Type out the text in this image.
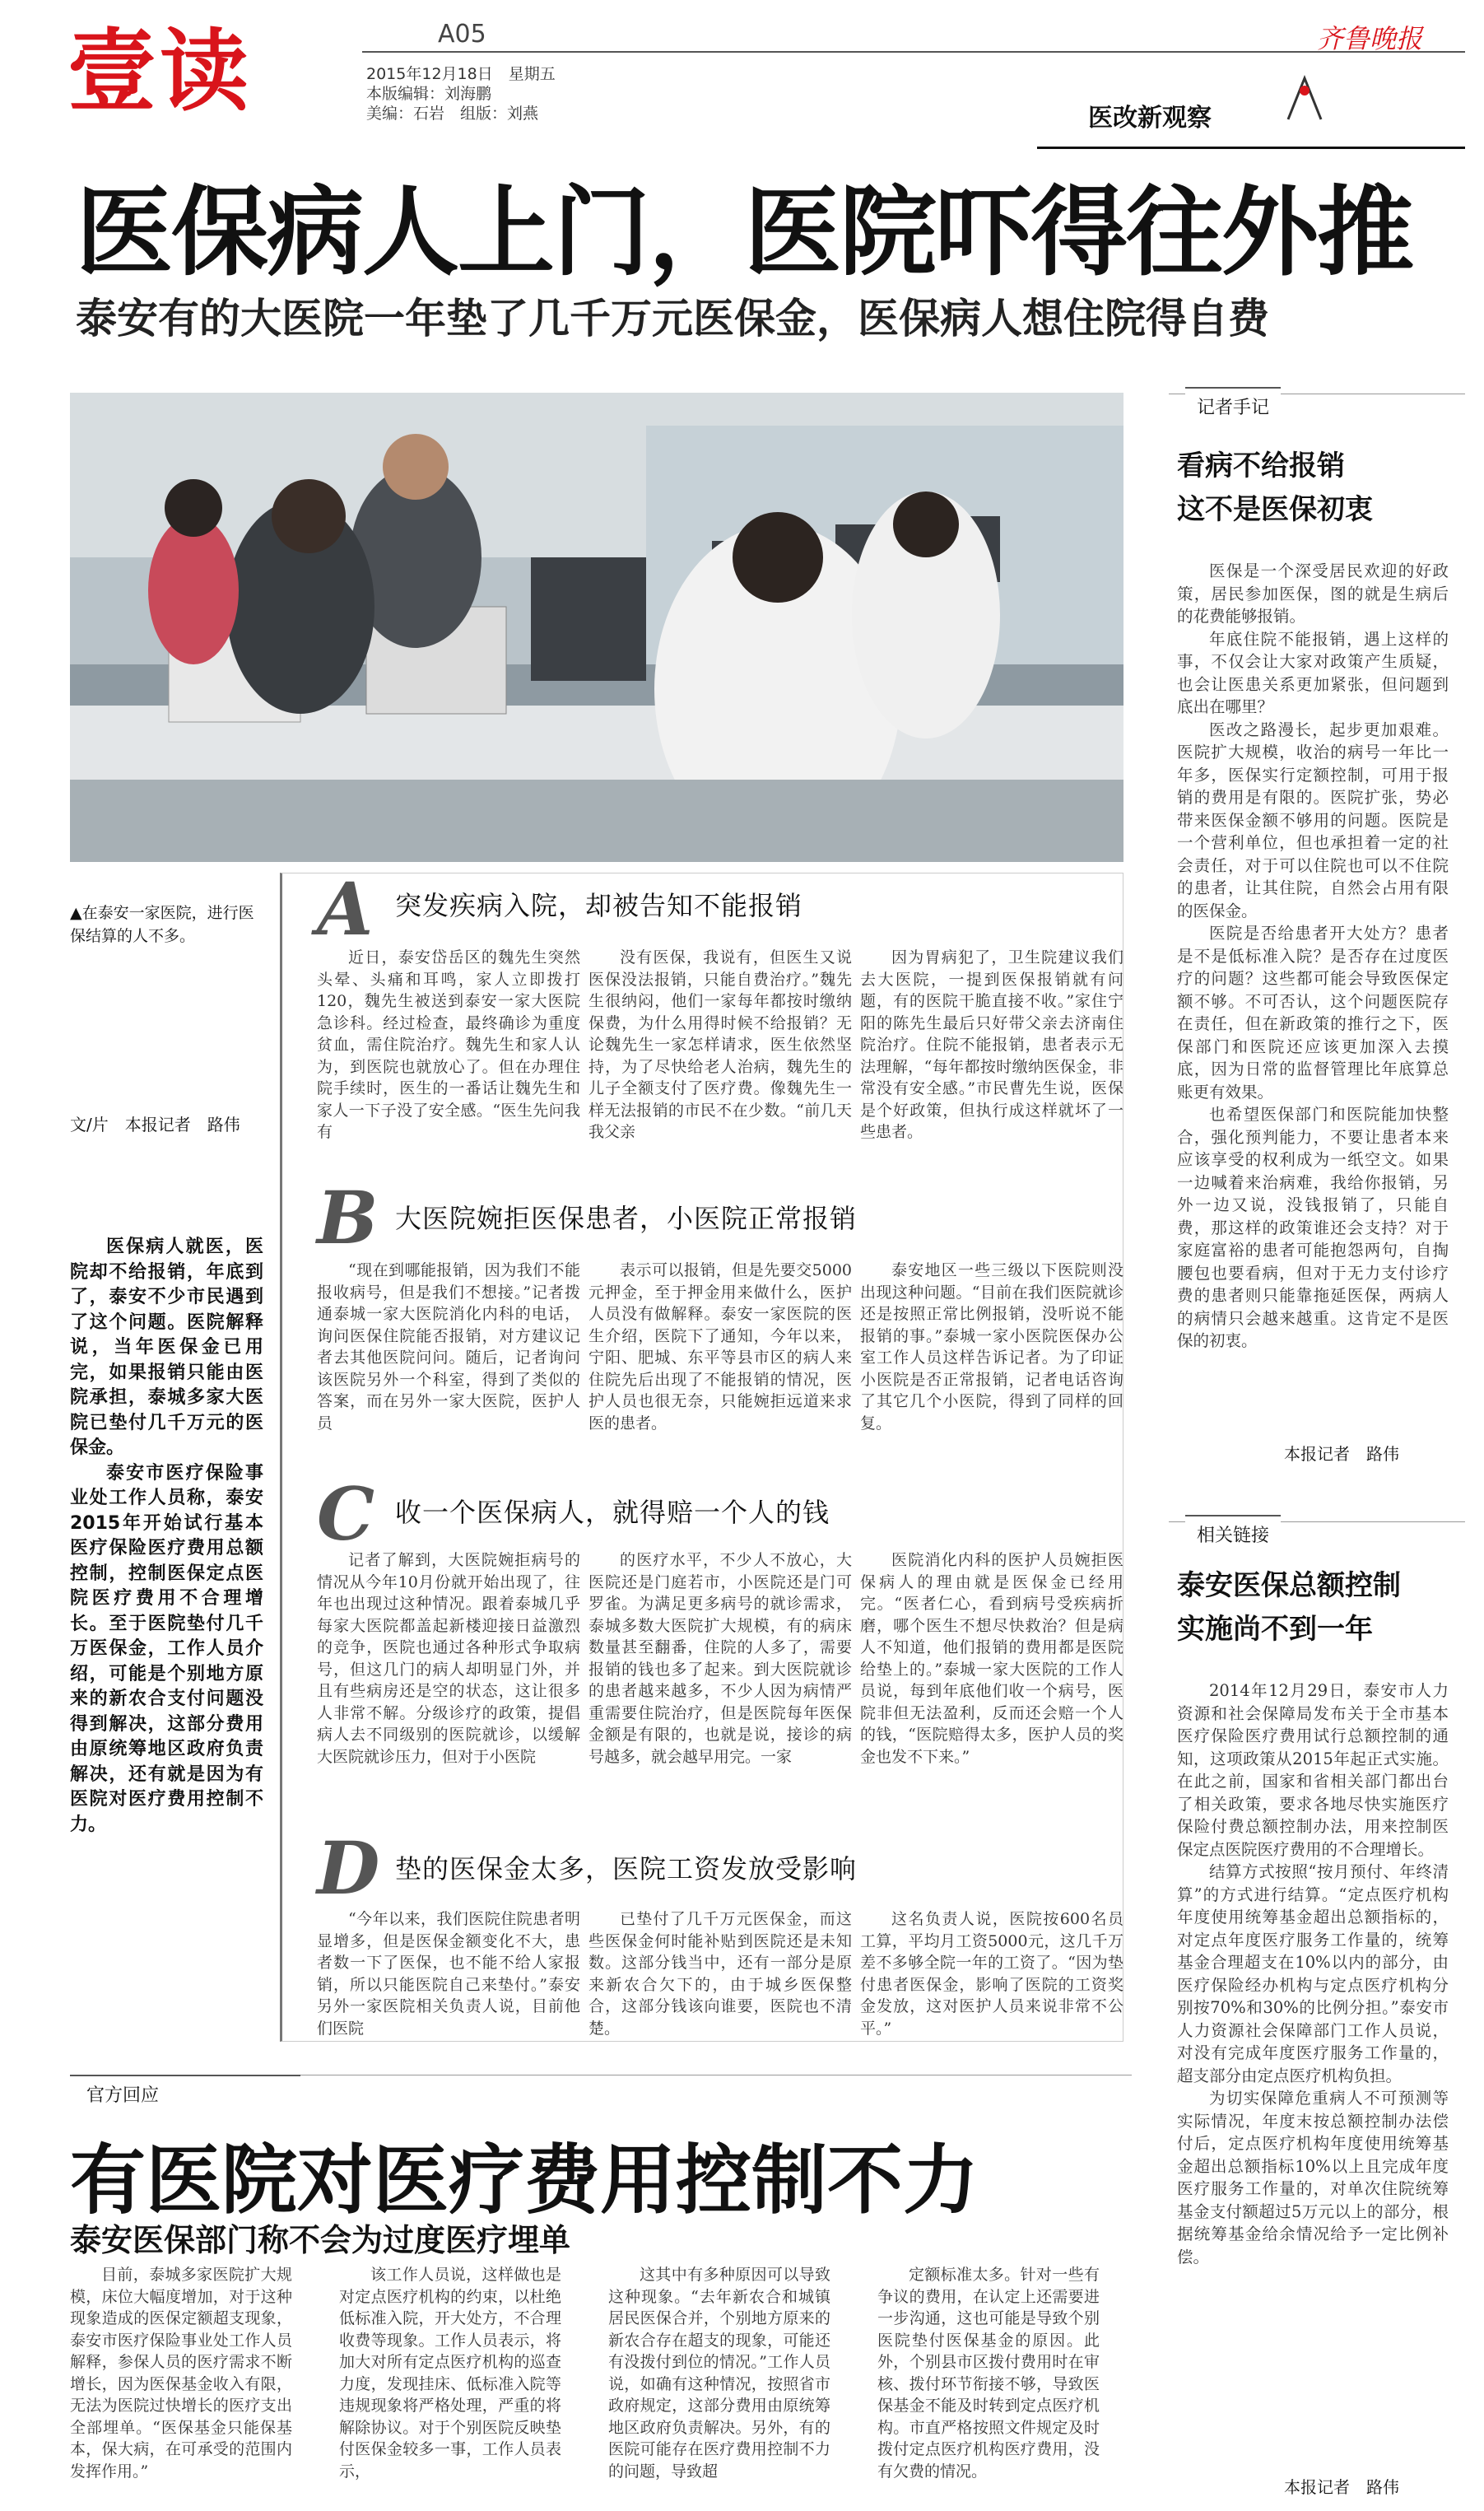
壹读	A05
2015年12月18日　星期五
本版编辑：刘海鹏
美编：石岩　组版：刘燕
齐鲁晚报
医改新观察
医保病人上门，医院吓得往外推
泰安有的大医院一年垫了几千万元医保金，医保病人想住院得自费
▲在泰安一家医院，进行医保结算的人不多。
文/片　本报记者　路伟

医保病人就医，医院却不给报销，年底到了，泰安不少市民遇到了这个问题。医院解释说，当年医保金已用完，如果报销只能由医院承担，泰城多家大医院已垫付几千万元的医保金。

泰安市医疗保险事业处工作人员称，泰安2015年开始试行基本医疗保险医疗费用总额控制，控制医保定点医院医疗费用不合理增长。至于医院垫付几千万医保金，工作人员介绍，可能是个别地方原来的新农合支付问题没得到解决，这部分费用由原统筹地区政府负责解决，还有就是因为有医院对医疗费用控制不力。

A 突发疾病入院，却被告知不能报销

近日，泰安岱岳区的魏先生突然头晕、头痛和耳鸣，家人立即拨打120，魏先生被送到泰安一家大医院急诊科。经过检查，最终确诊为重度贫血，需住院治疗。魏先生和家人认为，到医院也就放心了。但在办理住院手续时，医生的一番话让魏先生和家人一下子没了安全感。“医生先问我有

没有医保，我说有，但医生又说医保没法报销，只能自费治疗。”魏先生很纳闷，他们一家每年都按时缴纳保费，为什么用得时候不给报销？无论魏先生一家怎样请求，医生依然坚持，为了尽快给老人治病，魏先生的儿子全额支付了医疗费。像魏先生一样无法报销的市民不在少数。“前几天我父亲

因为胃病犯了，卫生院建议我们去大医院，一提到医保报销就有问题，有的医院干脆直接不收。”家住宁阳的陈先生最后只好带父亲去济南住院治疗。住院不能报销，患者表示无法理解，“每年都按时缴纳医保金，非常没有安全感。”市民曹先生说，医保是个好政策，但执行成这样就坏了一些患者。

B 大医院婉拒医保患者，小医院正常报销

“现在到哪能报销，因为我们不能报收病号，但是我们不想接。”记者拨通泰城一家大医院消化内科的电话，询问医保住院能否报销，对方建议记者去其他医院问问。随后，记者询问该医院另外一个科室，得到了类似的答案，而在另外一家大医院，医护人员

表示可以报销，但是先要交5000元押金，至于押金用来做什么，医护人员没有做解释。泰安一家医院的医生介绍，医院下了通知，今年以来，宁阳、肥城、东平等县市区的病人来住院先后出现了不能报销的情况，医护人员也很无奈，只能婉拒远道来求医的患者。

泰安地区一些三级以下医院则没出现这种问题。“目前在我们医院就诊还是按照正常比例报销，没听说不能报销的事。”泰城一家小医院医保办公室工作人员这样告诉记者。为了印证小医院是否正常报销，记者电话咨询了其它几个小医院，得到了同样的回复。

C 收一个医保病人，就得赔一个人的钱

记者了解到，大医院婉拒病号的情况从今年10月份就开始出现了，往年也出现过这种情况。跟着泰城几乎每家大医院都盖起新楼迎接日益激烈的竞争，医院也通过各种形式争取病号，但这几门的病人却明显门外，并且有些病房还是空的状态，这让很多人非常不解。分级诊疗的政策，提倡病人去不同级别的医院就诊，以缓解大医院就诊压力，但对于小医院

的医疗水平，不少人不放心，大医院还是门庭若市，小医院还是门可罗雀。为满足更多病号的就诊需求，泰城多数大医院扩大规模，有的病床数量甚至翻番，住院的人多了，需要报销的钱也多了起来。到大医院就诊的患者越来越多，不少人因为病情严重需要住院治疗，但是医院每年医保金额是有限的，也就是说，接诊的病号越多，就会越早用完。一家

医院消化内科的医护人员婉拒医保病人的理由就是医保金已经用完。“医者仁心，看到病号受疾病折磨，哪个医生不想尽快救治？但是病人不知道，他们报销的费用都是医院给垫上的。”泰城一家大医院的工作人员说，每到年底他们收一个病号，医院非但无法盈利，反而还会赔一个人的钱，“医院赔得太多，医护人员的奖金也发不下来。”

D 垫的医保金太多，医院工资发放受影响

“今年以来，我们医院住院患者明显增多，但是医保金额变化不大，患者数一下了医保，也不能不给人家报销，所以只能医院自己来垫付。”泰安另外一家医院相关负责人说，目前他们医院

已垫付了几千万元医保金，而这些医保金何时能补贴到医院还是未知数。这部分钱当中，还有一部分是原来新农合欠下的，由于城乡医保整合，这部分钱该向谁要，医院也不清楚。

这名负责人说，医院按600名员工算，平均月工资5000元，这几千万差不多够全院一年的工资了。“因为垫付患者医保金，影响了医院的工资奖金发放，这对医护人员来说非常不公平。”

记者手记
看病不给报销
这不是医保初衷

医保是一个深受居民欢迎的好政策，居民参加医保，图的就是生病后的花费能够报销。

年底住院不能报销，遇上这样的事，不仅会让大家对政策产生质疑，也会让医患关系更加紧张，但问题到底出在哪里？

医改之路漫长，起步更加艰难。医院扩大规模，收治的病号一年比一年多，医保实行定额控制，可用于报销的费用是有限的。医院扩张，势必带来医保金额不够用的问题。医院是一个营利单位，但也承担着一定的社会责任，对于可以住院也可以不住院的患者，让其住院，自然会占用有限的医保金。

医院是否给患者开大处方？患者是不是低标准入院？是否存在过度医疗的问题？这些都可能会导致医保定额不够。不可否认，这个问题医院存在责任，但在新政策的推行之下，医保部门和医院还应该更加深入去摸底，因为日常的监督管理比年底算总账更有效果。

也希望医保部门和医院能加快整合，强化预判能力，不要让患者本来应该享受的权利成为一纸空文。如果一边喊着来治病难，我给你报销，另外一边又说，没钱报销了，只能自费，那这样的政策谁还会支持？对于家庭富裕的患者可能抱怨两句，自掏腰包也要看病，但对于无力支付诊疗费的患者则只能靠拖延医保，两病人的病情只会越来越重。这肯定不是医保的初衷。

本报记者　路伟
相关链接
泰安医保总额控制
实施尚不到一年

2014年12月29日，泰安市人力资源和社会保障局发布关于全市基本医疗保险医疗费用试行总额控制的通知，这项政策从2015年起正式实施。在此之前，国家和省相关部门都出台了相关政策，要求各地尽快实施医疗保险付费总额控制办法，用来控制医保定点医院医疗费用的不合理增长。

结算方式按照“按月预付、年终清算”的方式进行结算。“定点医疗机构年度使用统筹基金超出总额指标的，对定点年度医疗服务工作量的，统筹基金合理超支在10%以内的部分，由医疗保险经办机构与定点医疗机构分别按70%和30%的比例分担。”泰安市人力资源社会保障部门工作人员说，对没有完成年度医疗服务工作量的，超支部分由定点医疗机构负担。

为切实保障危重病人不可预测等实际情况，年度末按总额控制办法偿付后，定点医疗机构年度使用统筹基金超出总额指标10%以上且完成年度医疗服务工作量的，对单次住院统筹基金支付额超过5万元以上的部分，根据统筹基金给余情况给予一定比例补偿。

本报记者　路伟
官方回应
有医院对医疗费用控制不力
泰安医保部门称不会为过度医疗埋单

目前，泰城多家医院扩大规模，床位大幅度增加，对于这种现象造成的医保定额超支现象，泰安市医疗保险事业处工作人员解释，参保人员的医疗需求不断增长，因为医保基金收入有限，无法为医院过快增长的医疗支出全部埋单。“医保基金只能保基本，保大病，在可承受的范围内发挥作用。”

该工作人员说，这样做也是对定点医疗机构的约束，以杜绝低标准入院，开大处方，不合理收费等现象。工作人员表示，将加大对所有定点医疗机构的巡查力度，发现挂床、低标准入院等违规现象将严格处理，严重的将解除协议。对于个别医院反映垫付医保金较多一事，工作人员表示，

这其中有多种原因可以导致这种现象。“去年新农合和城镇居民医保合并，个别地方原来的新农合存在超支的现象，可能还有没拨付到位的情况。”工作人员说，如确有这种情况，按照省市政府规定，这部分费用由原统筹地区政府负责解决。另外，有的医院可能存在医疗费用控制不力的问题，导致超

定额标准太多。针对一些有争议的费用，在认定上还需要进一步沟通，这也可能是导致个别医院垫付医保基金的原因。此外，个别县市区拨付费用时在审核、拨付环节衔接不够，导致医保基金不能及时转到定点医疗机构。市直严格按照文件规定及时拨付定点医疗机构医疗费用，没有欠费的情况。
